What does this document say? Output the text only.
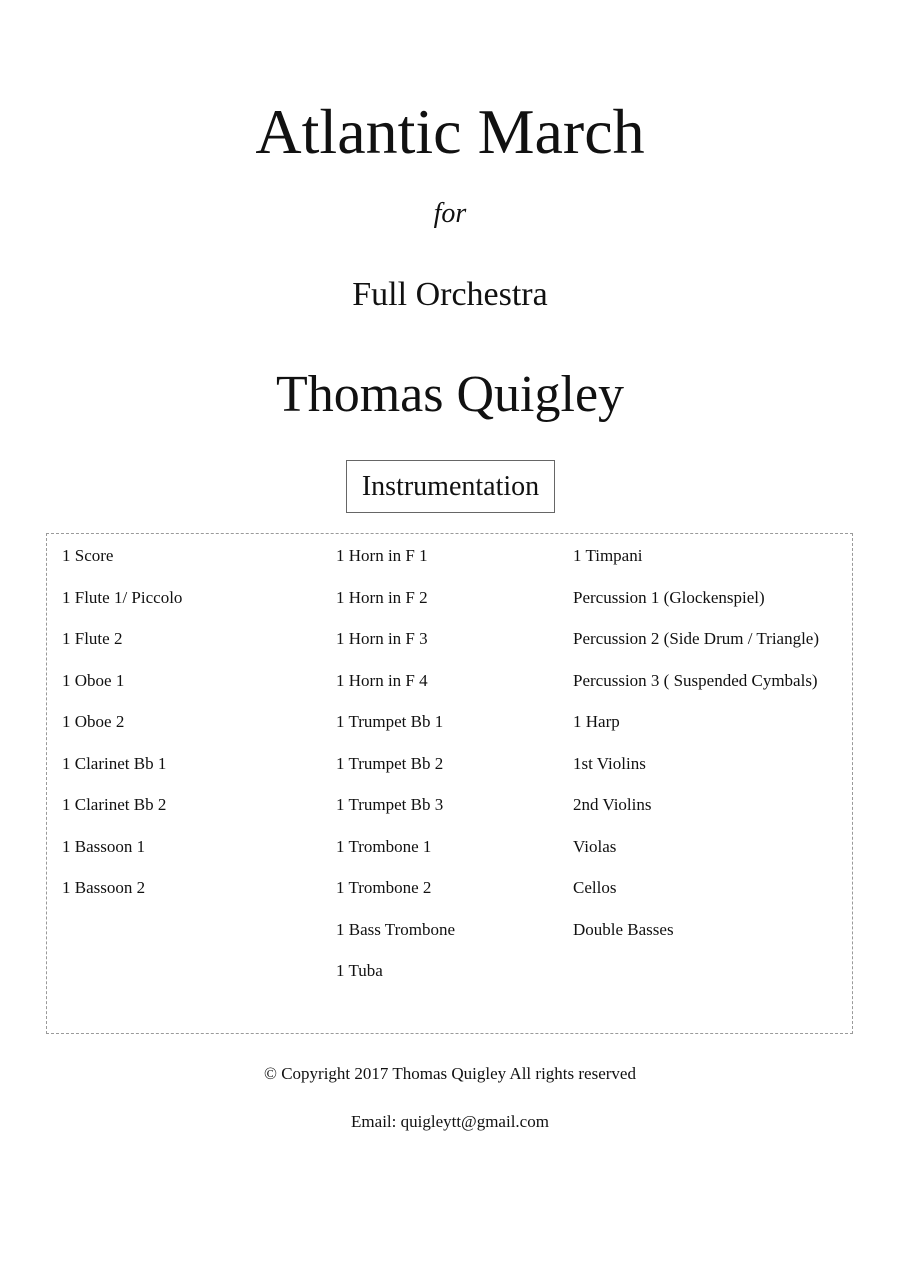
Atlantic March
for
Full Orchestra
Thomas Quigley
Instrumentation
1 Score
1 Flute 1/ Piccolo
1 Flute 2
1 Oboe 1
1 Oboe 2
1 Clarinet Bb 1
1 Clarinet Bb 2
1 Bassoon 1
1 Bassoon 2
1 Horn in F 1
1 Horn in F 2
1 Horn in F 3
1 Horn in F 4
1 Trumpet Bb 1
1 Trumpet Bb 2
1 Trumpet Bb 3
1 Trombone 1
1 Trombone 2
1 Bass Trombone
1 Tuba
1 Timpani
Percussion 1 (Glockenspiel)
Percussion 2 (Side Drum / Triangle)
Percussion 3 ( Suspended Cymbals)
1 Harp
1st Violins
2nd Violins
Violas
Cellos
Double Basses
© Copyright 2017 Thomas Quigley All rights reserved
Email: quigleytt@gmail.com
